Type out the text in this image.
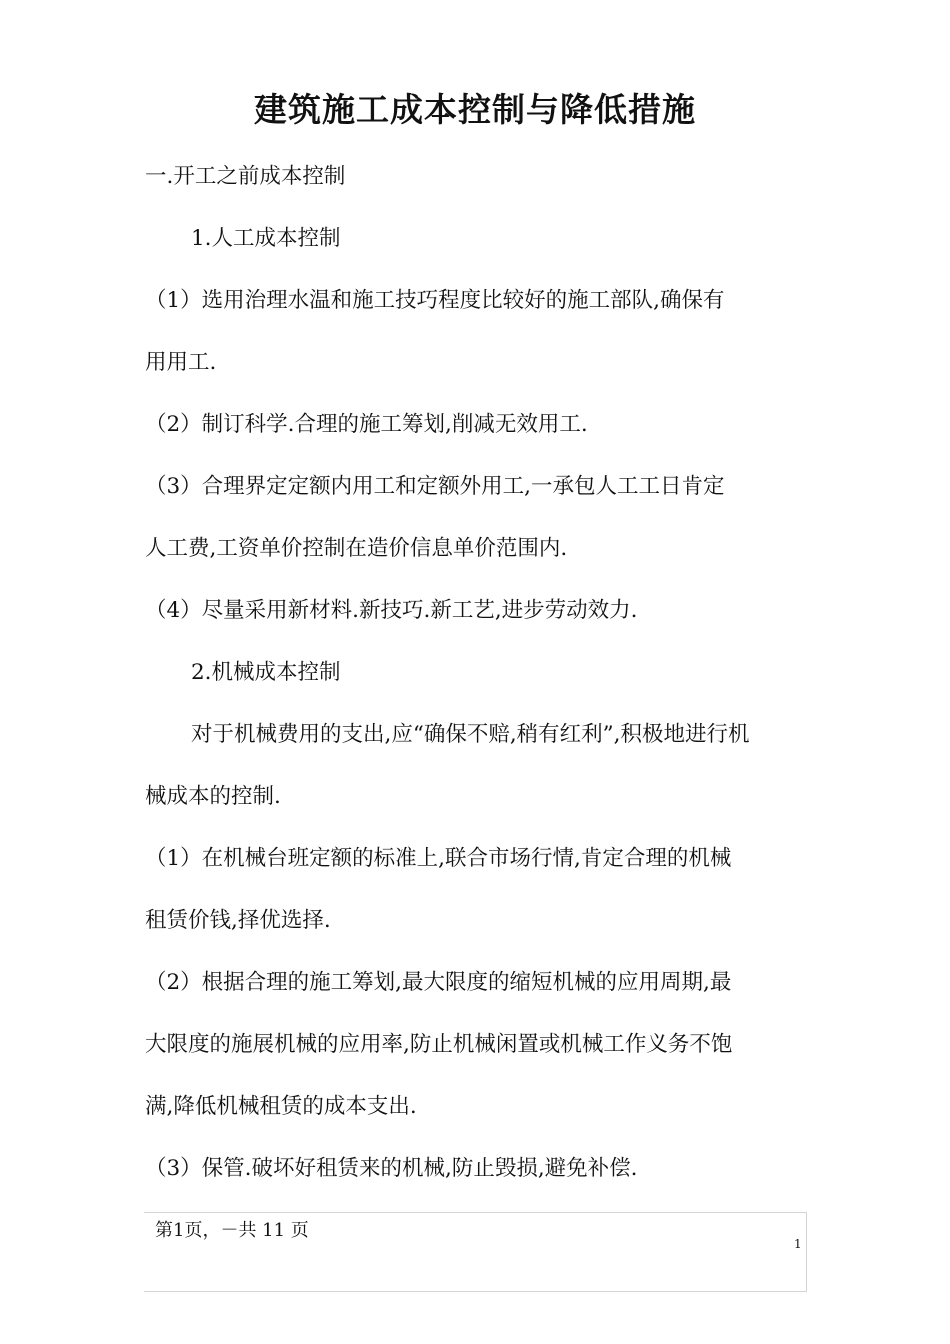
建筑施工成本控制与降低措施
一.开工之前成本控制
1.人工成本控制
（1）选用治理水温和施工技巧程度比较好的施工部队,确保有
用用工.
（2）制订科学.合理的施工筹划,削减无效用工.
（3）合理界定定额内用工和定额外用工,一承包人工工日肯定
人工费,工资单价控制在造价信息单价范围内.
（4）尽量采用新材料.新技巧.新工艺,进步劳动效力.
2.机械成本控制
对于机械费用的支出,应“确保不赔,稍有红利”,积极地进行机
械成本的控制.
（1）在机械台班定额的标准上,联合市场行情,肯定合理的机械
租赁价钱,择优选择.
（2）根据合理的施工筹划,最大限度的缩短机械的应用周期,最
大限度的施展机械的应用率,防止机械闲置或机械工作义务不饱
满,降低机械租赁的成本支出.
（3）保管.破坏好租赁来的机械,防止毁损,避免补偿.
第1页，－共 11 页
1
